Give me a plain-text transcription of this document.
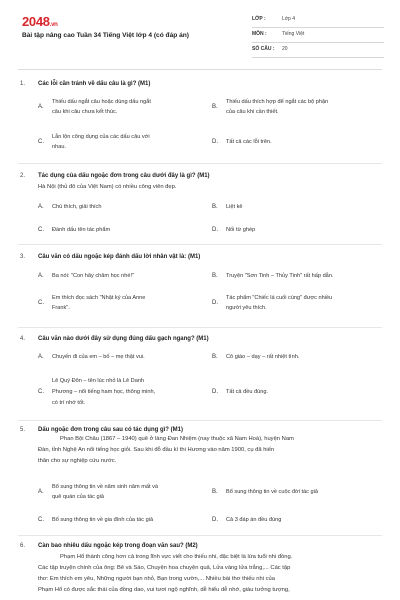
2048.vn
Bài tập nâng cao Tuần 34 Tiếng Việt lớp 4 (có đáp án)
LỚP :	Lớp 4
MÔN :	Tiếng Việt
SỐ CÂU : 20
1. Các lỗi cần tránh về dấu câu là gì? (M1)
A.
Thiếu dấu ngắt câu hoặc dùng dấu ngắt
câu khi câu chưa kết thúc.
B.
Thiếu dấu thích hợp để ngắt các bộ phận
của câu khi cần thiết.
C.
Lẫn lộn công dụng của các dấu câu với
nhau.
D. Tất cả các lỗi trên.
2. Tác dụng của dấu ngoặc đơn trong câu dưới đây là gì? (M1)
Hà Nội (thủ đô của Việt Nam) có nhiều công viên đẹp.
A. Chú thích, giải thích	B. Liệt kê
C. Đánh dấu tên tác phẩm	D. Nối từ ghép
3. Câu văn có dấu ngoặc kép đánh dấu lời nhân vật là: (M1)
A. Ba nói: "Con hãy chăm học nhé!"	B. Truyện "Sơn Tinh – Thủy Tinh" rất hấp dẫn.
C.
Em thích đọc sách "Nhật ký của Anne
Frank".
D.
Tác phẩm "Chiếc lá cuối cùng" được nhiều
người yêu thích.
4. Câu văn nào dưới đây sử dụng đúng dấu gạch ngang? (M1)
A. Chuyến đi của em – bố – mẹ thật vui.	B. Cô giáo – dạy – rất nhiệt tình.
Lê Quý Đôn – tên lúc nhỏ là Lê Danh
C. Phương – nổi tiếng ham học, thông minh,
có trí nhớ tốt.
D. Tất cả đều đúng.
5. Dấu ngoặc đơn trong câu sau có tác dụng gì? (M1)
Phan Bội Châu (1867 – 1940) quê ở làng Đan Nhiệm (nay thuộc xã Nam Hoà), huyện Nam
Đàn, tỉnh Nghệ An nổi tiếng học giỏi. Sau khi đỗ đầu kì thi Hương vào năm 1900, cụ đã hiến
thân cho sự nghiệp cứu nước.
A.
Bổ sung thông tin về năm sinh năm mất và
quê quán của tác giả
B. Bổ sung thông tin về cuộc đời tác giả
C. Bổ sung thông tin về gia đình của tác giả	D. Cả 3 đáp án đều đúng
6. Càn bao nhiêu dấu ngoặc kép trong đoạn văn sau? (M2)
Phạm Hổ thành công hơn cả trong lĩnh vực viết cho thiếu nhi, đặc biệt là lứa tuổi nhi đồng.
Các tập truyện chính của ông: Bê và Sáo, Chuyện hoa chuyện quả, Lửa vàng lửa trắng,... Các tập
thơ: Em thích em yêu, Những người bạn nhỏ, Bạn trong vườn,... Nhiều bài thơ thiếu nhi của
Phạm Hổ có được sắc thái của đồng dao, vui tươi ngộ nghĩnh, dễ hiểu dễ nhớ, giàu tưởng tượng,
